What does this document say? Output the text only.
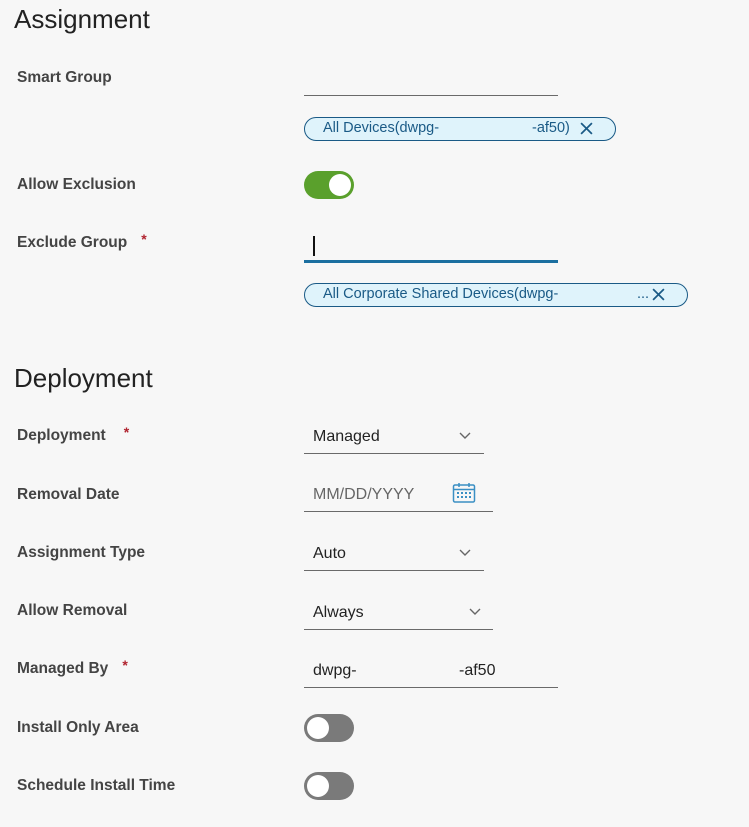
Assignment
Smart Group
All Devices(dwpg-	-af50)
Allow Exclusion
Exclude Group *
All Corporate Shared Devices(dwpg-	...
Deployment
Deployment *	Managed
Removal Date	MM/DD/YYYY
Assignment Type	Auto
Allow Removal	Always
Managed By *	dwpg-	-af50
Install Only Area
Schedule Install Time
